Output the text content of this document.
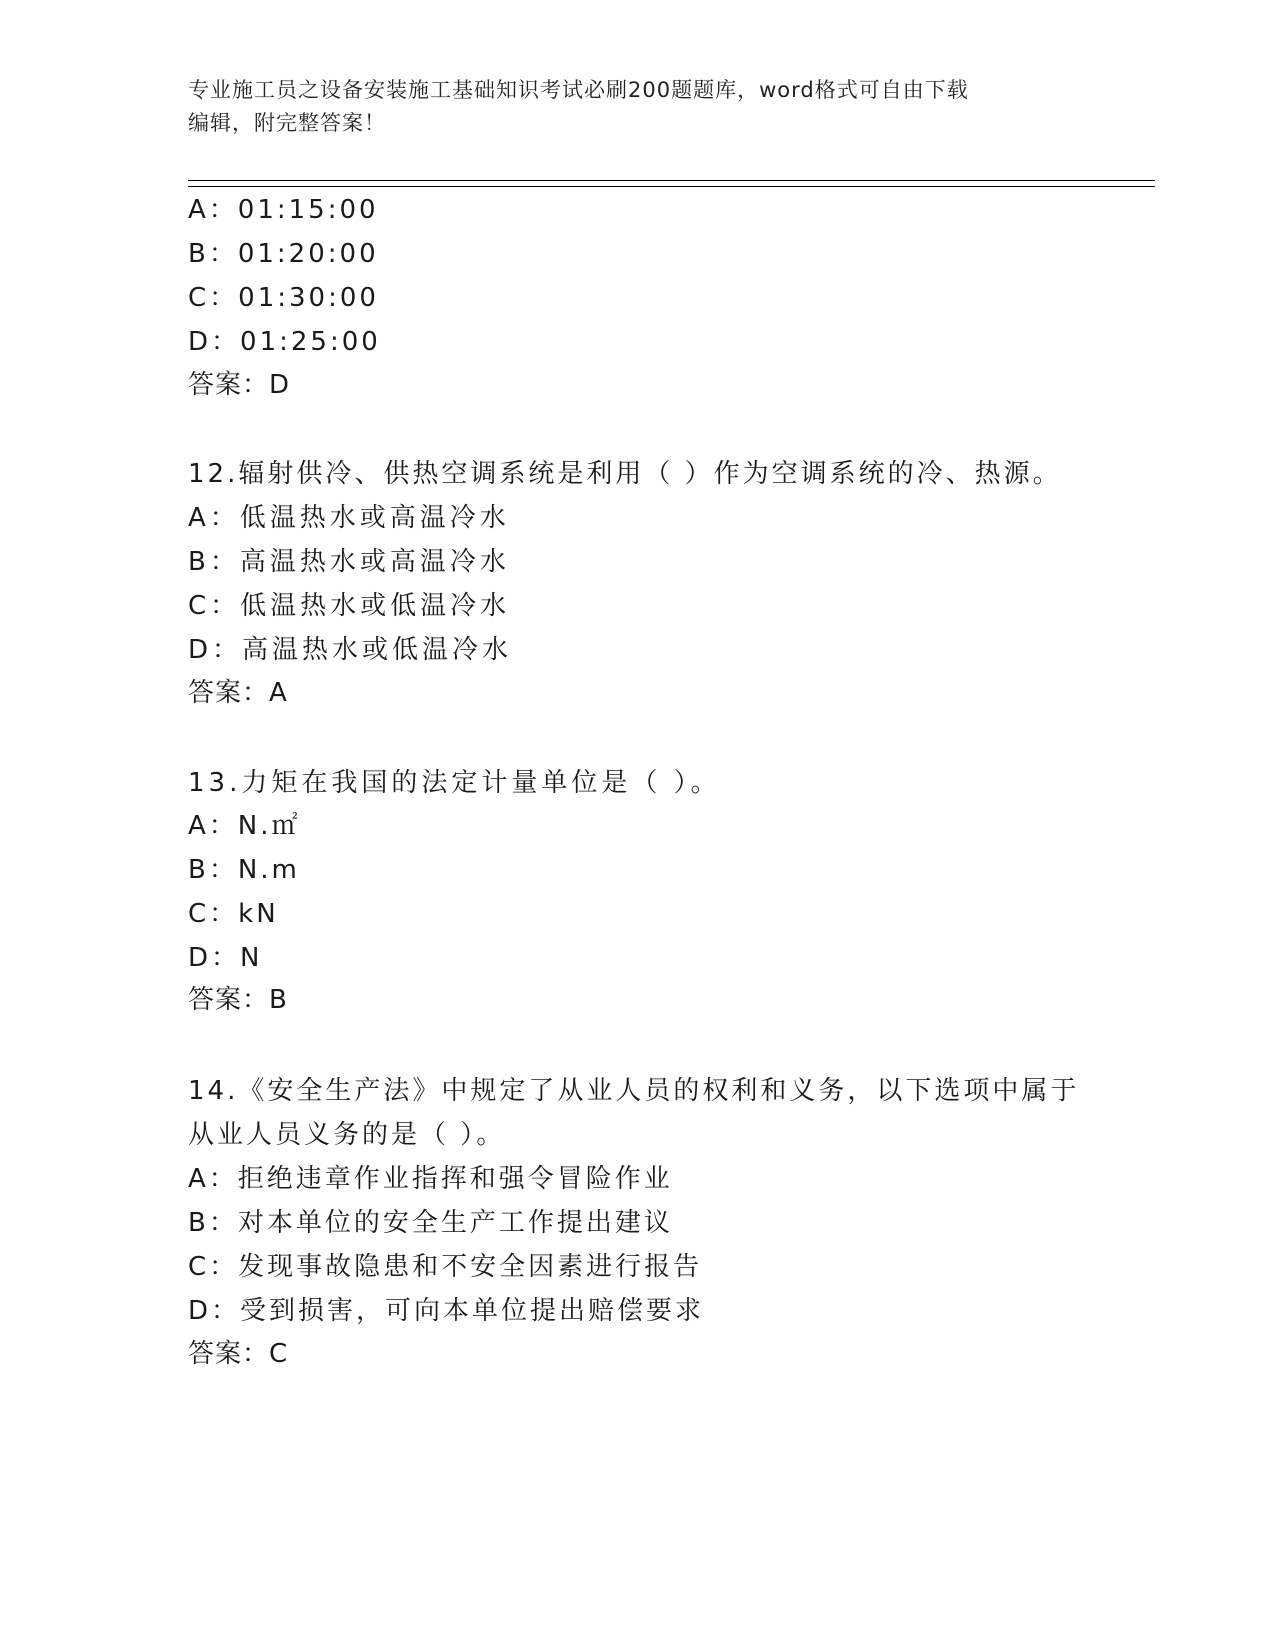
专业施工员之设备安装施工基础知识考试必刷200题题库，word格式可自由下载
编辑，附完整答案！
A：01:15:00
B：01:20:00
C：01:30:00
D：01:25:00
答案：D
12.辐射供冷、供热空调系统是利用（ ）作为空调系统的冷、热源。
A：低温热水或高温冷水
B：高温热水或高温冷水
C：低温热水或低温冷水
D：高温热水或低温冷水
答案：A
13.力矩在我国的法定计量单位是（ ）。
A：N.㎡
B：N.m
C：kN
D：N
答案：B
14.《安全生产法》中规定了从业人员的权利和义务，以下选项中属于
从业人员义务的是（ ）。
A：拒绝违章作业指挥和强令冒险作业
B：对本单位的安全生产工作提出建议
C：发现事故隐患和不安全因素进行报告
D：受到损害，可向本单位提出赔偿要求
答案：C
